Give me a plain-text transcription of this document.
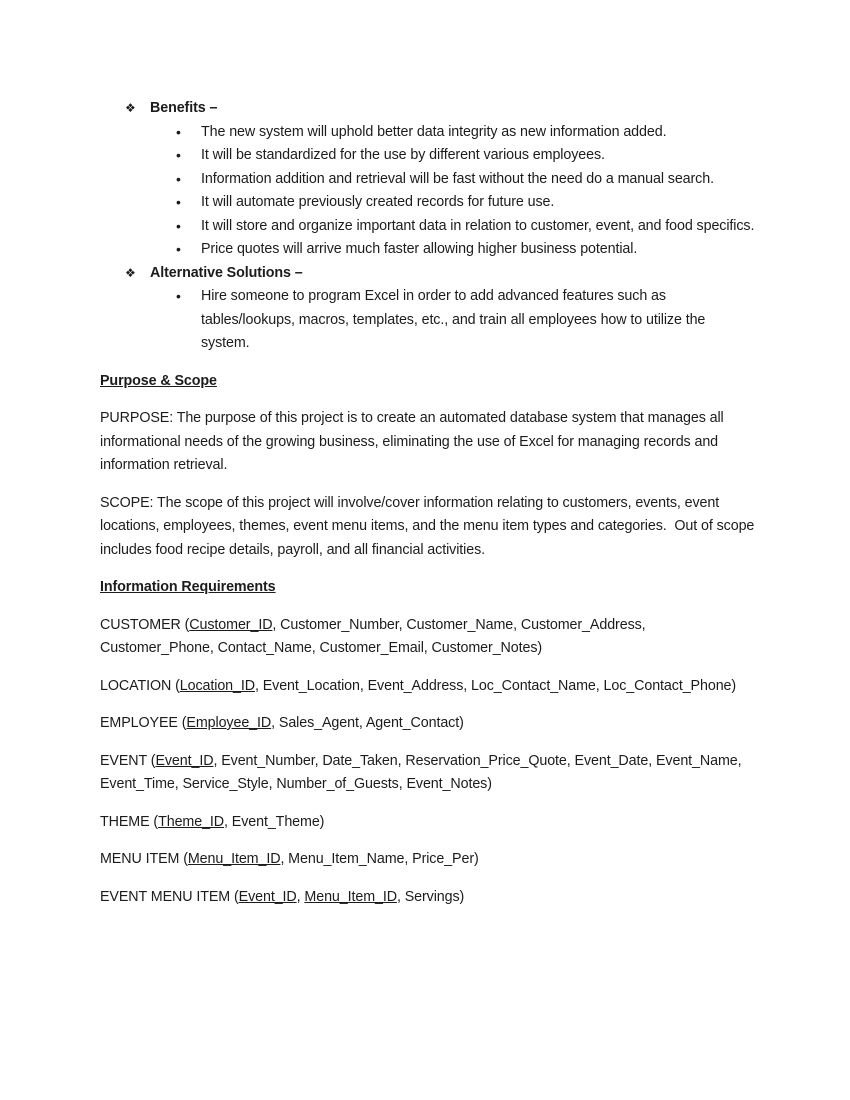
❖	Benefits –
•	The new system will uphold better data integrity as new information added.
•	It will be standardized for the use by different various employees.
•	Information addition and retrieval will be fast without the need do a manual search.
•	It will automate previously created records for future use.
•	It will store and organize important data in relation to customer, event, and food specifics.
•	Price quotes will arrive much faster allowing higher business potential.
❖	Alternative Solutions –
•	Hire someone to program Excel in order to add advanced features such as tables/lookups, macros, templates, etc., and train all employees how to utilize the system.

Purpose & Scope

PURPOSE: The purpose of this project is to create an automated database system that manages all informational needs of the growing business, eliminating the use of Excel for managing records and information retrieval.

SCOPE: The scope of this project will involve/cover information relating to customers, events, event locations, employees, themes, event menu items, and the menu item types and categories.  Out of scope includes food recipe details, payroll, and all financial activities.

Information Requirements

CUSTOMER (Customer_ID, Customer_Number, Customer_Name, Customer_Address, Customer_Phone, Contact_Name, Customer_Email, Customer_Notes)

LOCATION (Location_ID, Event_Location, Event_Address, Loc_Contact_Name, Loc_Contact_Phone)

EMPLOYEE (Employee_ID, Sales_Agent, Agent_Contact)

EVENT (Event_ID, Event_Number, Date_Taken, Reservation_Price_Quote, Event_Date, Event_Name, Event_Time, Service_Style, Number_of_Guests, Event_Notes)

THEME (Theme_ID, Event_Theme)

MENU ITEM (Menu_Item_ID, Menu_Item_Name, Price_Per)

EVENT MENU ITEM (Event_ID, Menu_Item_ID, Servings)
